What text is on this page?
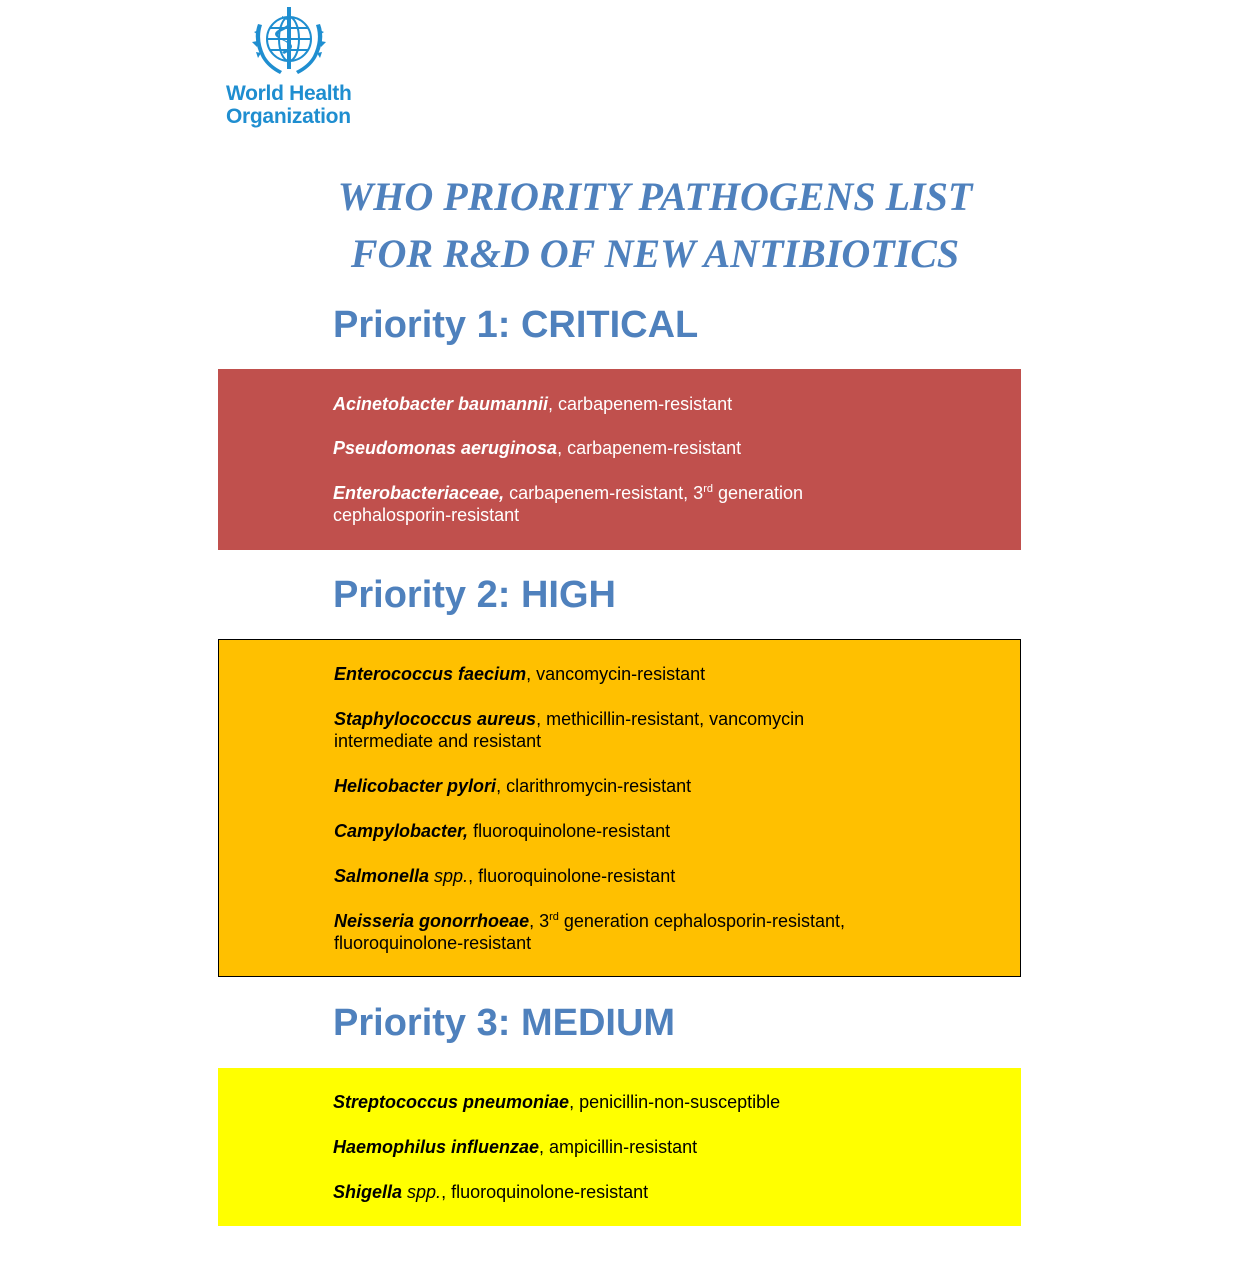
World Health
Organization
WHO PRIORITY PATHOGENS LIST
FOR R&D OF NEW ANTIBIOTICS
Priority 1: CRITICAL

Acinetobacter baumannii, carbapenem-resistant

Pseudomonas aeruginosa, carbapenem-resistant

Enterobacteriaceae, carbapenem-resistant, 3rd generation cephalosporin-resistant

Priority 2: HIGH

Enterococcus faecium, vancomycin-resistant

Staphylococcus aureus, methicillin-resistant, vancomycin intermediate and resistant

Helicobacter pylori, clarithromycin-resistant

Campylobacter, fluoroquinolone-resistant

Salmonella spp., fluoroquinolone-resistant

Neisseria gonorrhoeae, 3rd generation cephalosporin-resistant, fluoroquinolone-resistant

Priority 3: MEDIUM

Streptococcus pneumoniae, penicillin-non-susceptible

Haemophilus influenzae, ampicillin-resistant

Shigella spp., fluoroquinolone-resistant
